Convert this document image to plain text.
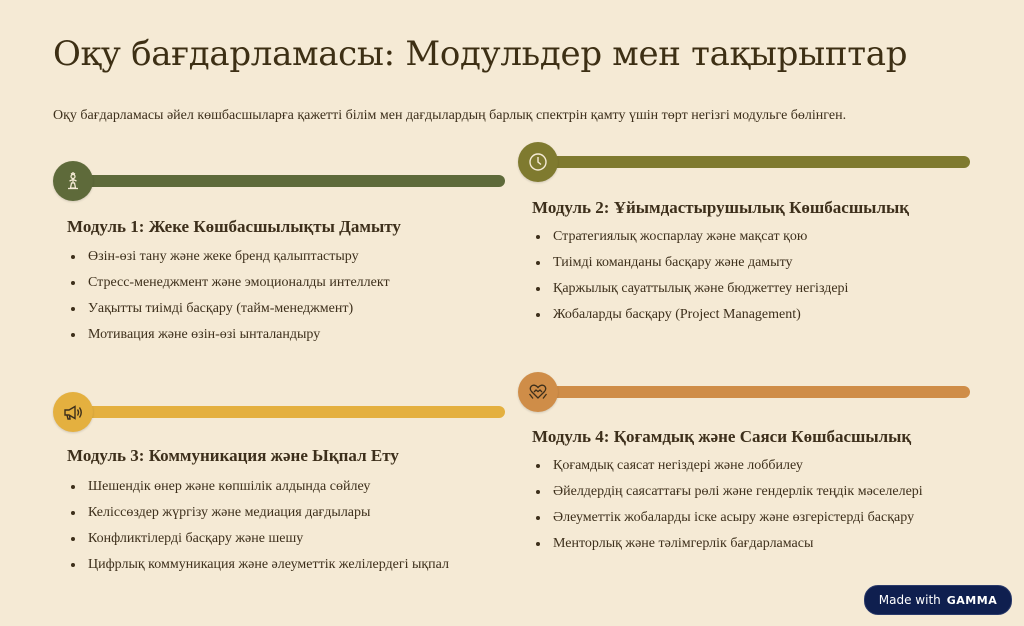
Оқу бағдарламасы: Модульдер мен тақырыптар

Оқу бағдарламасы әйел көшбасшыларға қажетті білім мен дағдылардың барлық спектрін қамту үшін төрт негізгі модульге бөлінген.

Модуль 1: Жеке Көшбасшылықты Дамыту
Өзін-өзі тану және жеке бренд қалыптастыру
Стресс-менеджмент және эмоционалды интеллект
Уақытты тиімді басқару (тайм-менеджмент)
Мотивация және өзін-өзі ынталандыру
Модуль 2: Ұйымдастырушылық Көшбасшылық
Стратегиялық жоспарлау және мақсат қою
Тиімді команданы басқару және дамыту
Қаржылық сауаттылық және бюджеттеу негіздері
Жобаларды басқару (Project Management)
Модуль 3: Коммуникация және Ықпал Ету
Шешендік өнер және көпшілік алдында сөйлеу
Келіссөздер жүргізу және медиация дағдылары
Конфликтілерді басқару және шешу
Цифрлық коммуникация және әлеуметтік желілердегі ықпал
Модуль 4: Қоғамдық және Саяси Көшбасшылық
Қоғамдық саясат негіздері және лоббилеу
Әйелдердің саясаттағы рөлі және гендерлік теңдік мәселелері
Әлеуметтік жобаларды іске асыру және өзгерістерді басқару
Менторлық және тәлімгерлік бағдарламасы
Made with GAMMA
